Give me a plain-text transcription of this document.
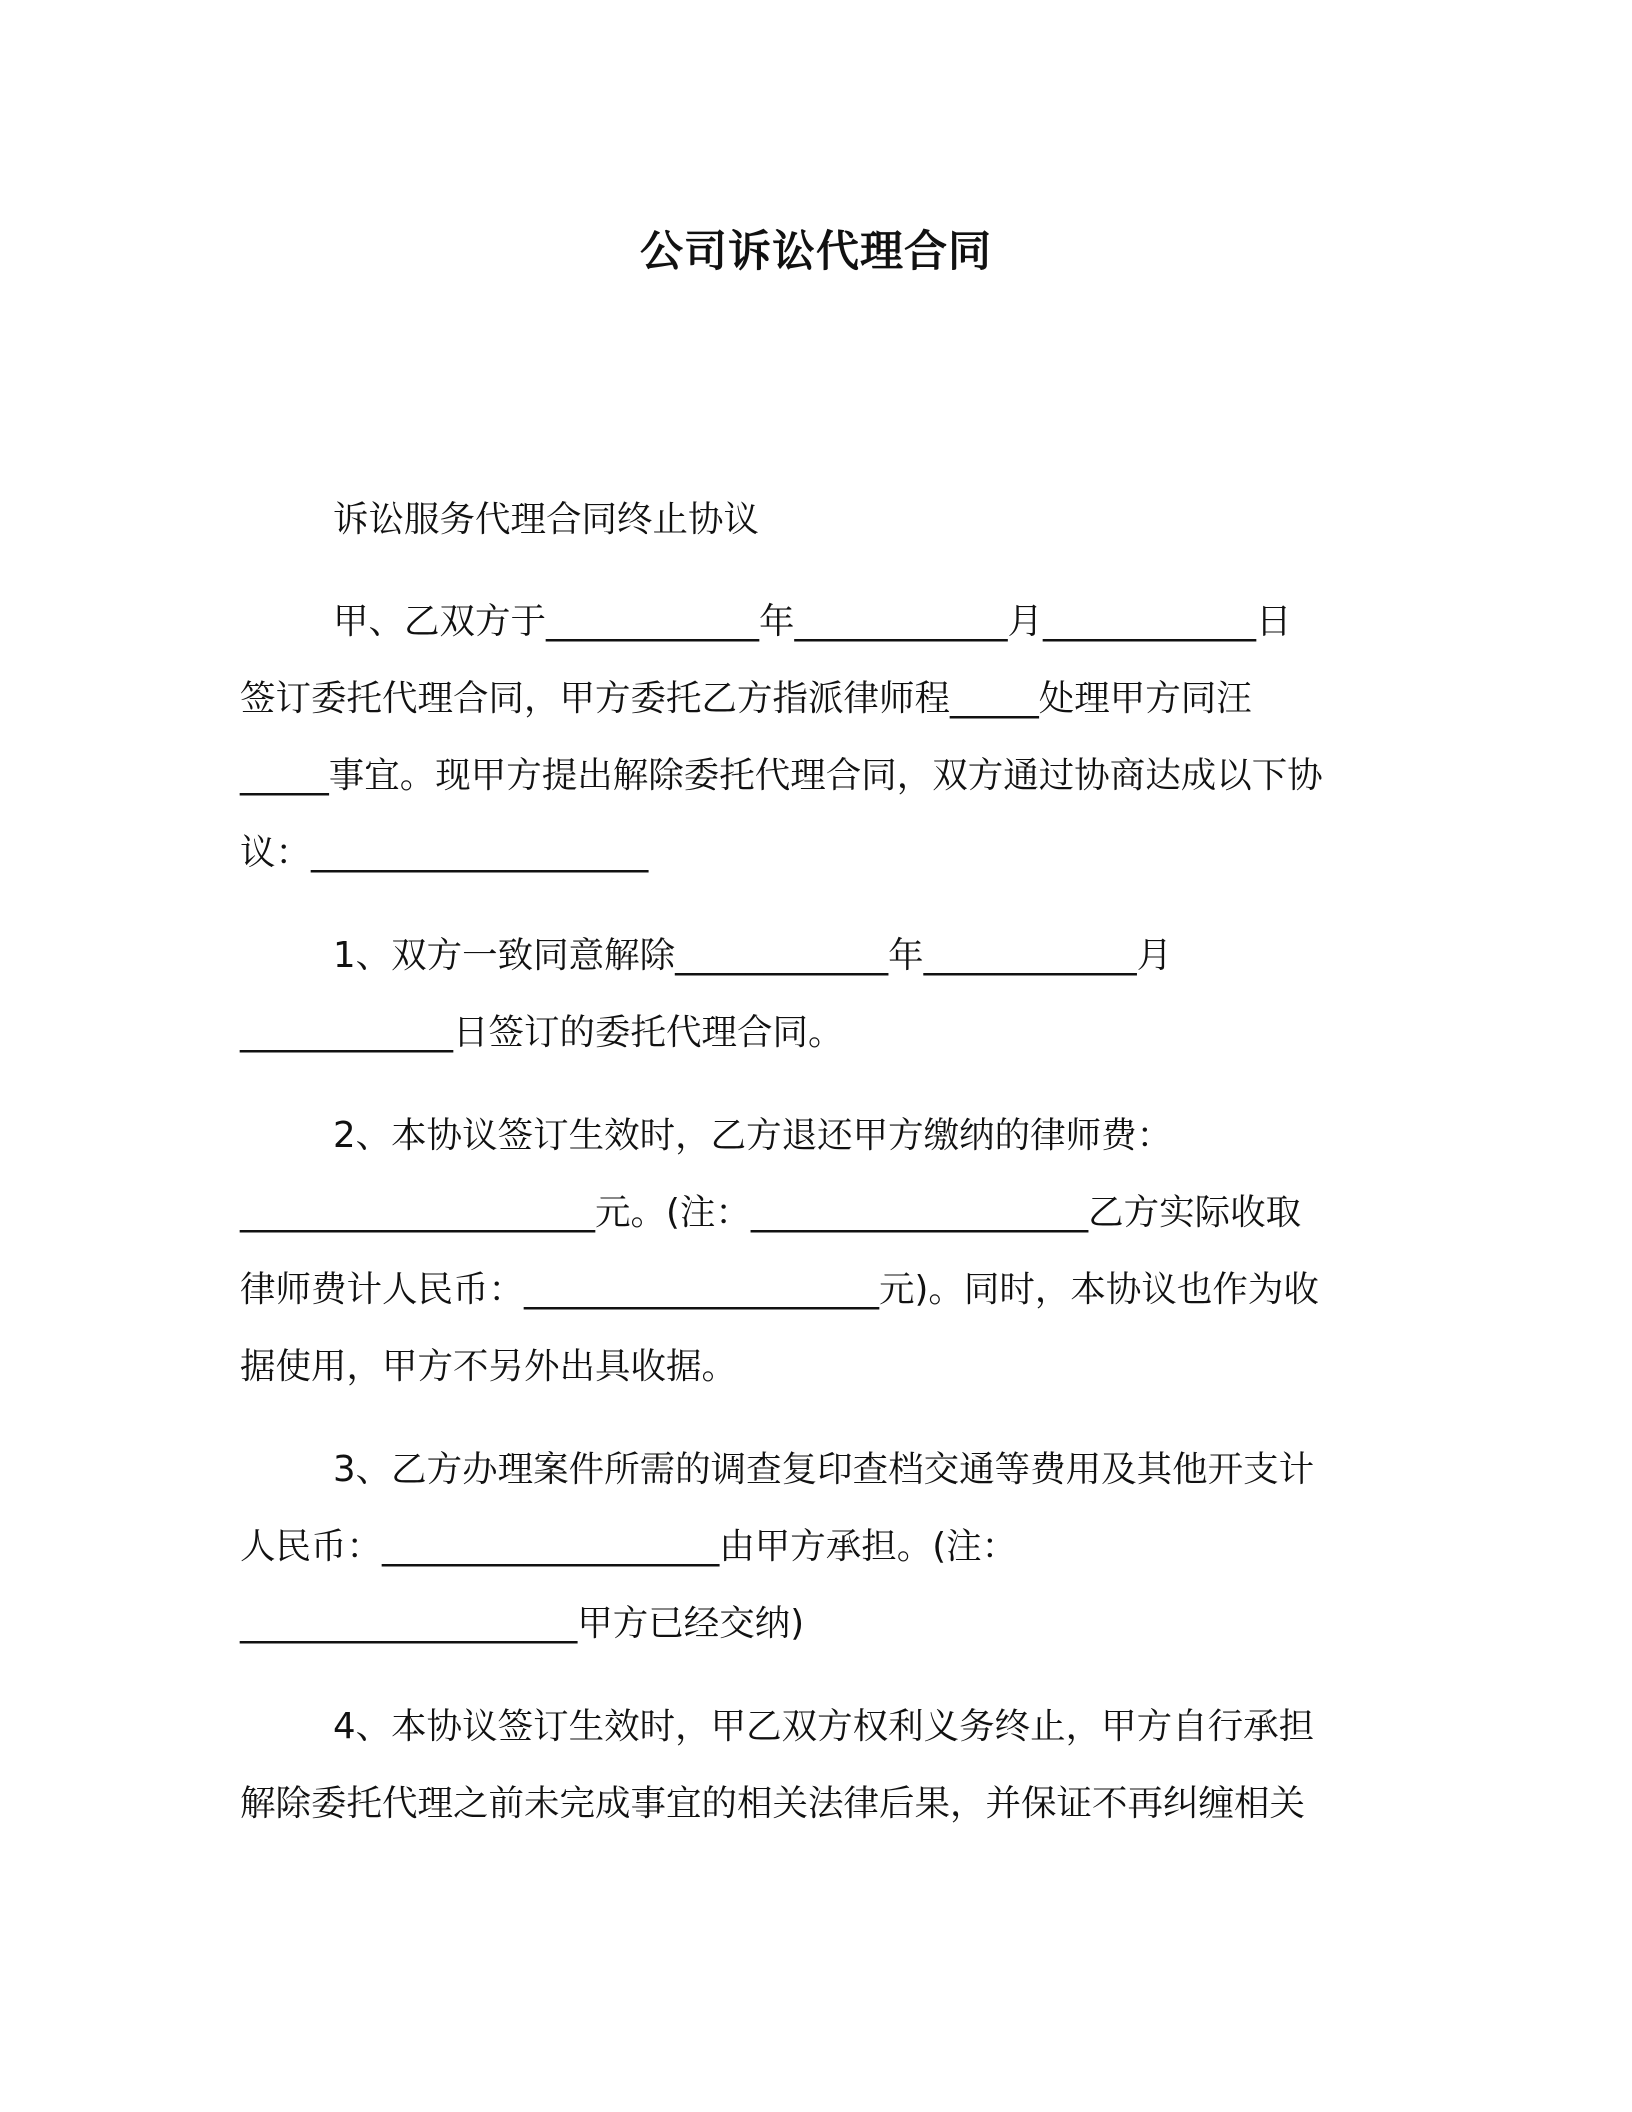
公司诉讼代理合同

诉讼服务代理合同终止协议

甲、乙双方于____________年____________月____________日

签订委托代理合同，甲方委托乙方指派律师程_____处理甲方同汪

_____事宜。现甲方提出解除委托代理合同，双方通过协商达成以下协

议：___________________

1、双方一致同意解除____________年____________月

____________日签订的委托代理合同。

2、本协议签订生效时，乙方退还甲方缴纳的律师费：

____________________元。(注：___________________乙方实际收取

律师费计人民币：____________________元)。同时，本协议也作为收

据使用，甲方不另外出具收据。

3、乙方办理案件所需的调查复印查档交通等费用及其他开支计

人民币：___________________由甲方承担。(注：

___________________甲方已经交纳)

4、本协议签订生效时，甲乙双方权利义务终止，甲方自行承担

解除委托代理之前未完成事宜的相关法律后果，并保证不再纠缠相关
